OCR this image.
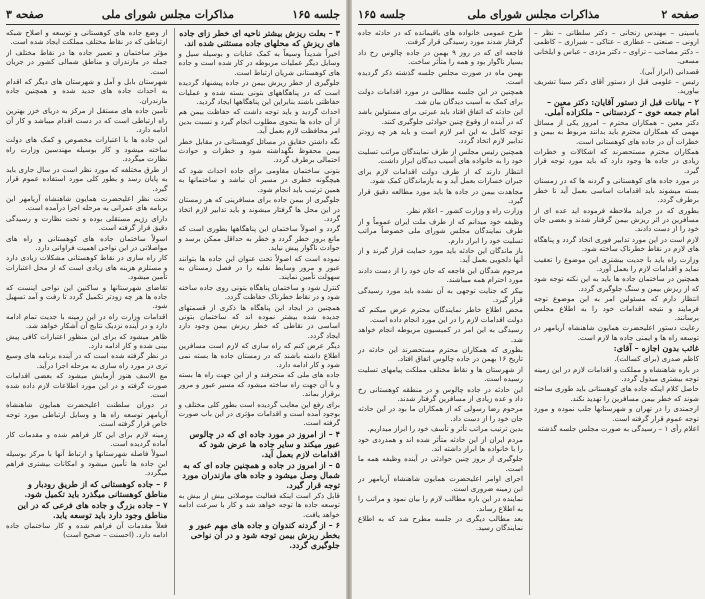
جلسه ۱۶۵
مذاکرات مجلس شورای ملی
صفحه ۳

۳ – بعلت ریزش بیشتر ناحیه ای خطر زای جاده های ریزش که محلهای جاده مستثنی شده اند.

اخیراً شدیداً وسیعاً به کمک عنایات و بوسیله سیل و وسایل دیگر عملیات مربوطه در کار شده است و جاده های کوهستانی شریان ارتباط است.

جلوگیری از خطر ریزش بیمن در جاده پیشنهاد گردیده است که در پناهگاههای بتونی بسته شده و عملیات حفاظتی باشند بنابراین این پناهگاهها ایجاد گردید.

احداث گردید و باید توجه داشت که حفاظت بیمن هم از آن جاده ها بنحوی مطلوب انجام گیرد و نسبت بدین امر محافظت لازم بعمل آید.

نگه داشتن حقایق در مسائل کوهستانی در مقابل خطر بیمن محفوظ نگهداشته شود و خطرات و حوادث احتمالی برطرف گردد.

بتونی ساختمان مقاومی برای جاده احداث شود که هیچگونه خطری در مسیر آن نباشد و ساختمانها به همین ترتیب باید انجام شود.

جلوگیری از بیمن جاده برای مسافرینی که هر زمستان در این محل ها گرفتار میشوند و باید تدابیر لازم اتخاذ گردد.

گردد و اصولاً ساختمان این پناهگاهها بطوری است که مانع بروز خطر گردد و خطر به حداقل ممکن برسد و حوادث ناگوار پیش نیاید.

نموده است که اصولاً تحت عنوان این جاده ها بتوانند عبور و مرور وسایط نقلیه را در فصل زمستان به سهولت تأمین نمایند.

کنترل شود و ساختمان پناهگاه بتونی روی جاده ساخته شود و در نقاط خطرناک حفاظت گردد.

همچنین در ایجاد این پناهگاه ها ذکری از قسمتهای جدیده شده بیشتر نموده اند که ساختمان بتونی اساسی در نقاطی که خطر ریزش بیمن وجود دارد ایجاد گردد.

دیگر عرض کنم که راه سازی که لازم است مسافرین اطلاع داشته باشند که در زمستان جاده ها بسته نمی شود و کار ادامه دارد.

جاده های ملی که منحرفند و از این جهت راه ها بسته و با آن جهت راه ساخته میشود که مسیر عبور و مرور برقرار بماند.

برای رفع این معایب گردیده است بطور کلی مختلف و بوجود آمده است و اقدامات مؤثری در این باب صورت گرفته است.

۴ – از امروز در مورد جاده ای که در چالوس عبور میکند و سایر جاده ها عرض شود که اقدامات لازم بعمل آید.

۵ – از امروز در جاده و همچنین جاده ای که به شمال وصل میشود و جاده های مازندران مورد توجه قرار گیرد.

قابل ذکر است اینکه فعالیت موصلاتی بیش از بیش به توسعه جاده ها توجه خواهد شد و کار با سرعت ادامه خواهد یافت.

۶ – از گردنه کندوان و جاده های مهم عبور و بخطر ریزش بیمن توجه شود و در آن نواحی جلوگیری گردد.

از وضع جاده های کوهستانی و توسعه و اصلاح شبکه ارتباطی که در نقاط مختلف مملکت ایجاد شده است.

مؤثر ساختمان و تعمیر جاده ها در نقاط مختلف از جمله در مازندران و مناطق شمالی کشور در جریان است.

شهرستان بابل و آمل و شهرستان های دیگر که اقدام به احداث جاده های جدید شده و همچنین جاده مازندران.

تأمین جاده های مستقل از مرکز به دریای خزر بهترین راه ارتباطی است که در دست اقدام میباشد و کار آن ادامه دارد.

این جاده ها با اعتبارات مخصوص و کمک های دولت ساخته میشود و کار بوسیله مهندسین وزارت راه نظارت میگردد.

از طرق مختلفه که مورد نظر است در سال جاری باید به پایان رسد و بطور کلی مورد استفاده عموم قرار گیرد.

تحت نظر اعلیحضرت همایون شاهنشاه آریامهر این برنامه های عمرانی به مرحله اجرا درآمده است.

دارای رژیم مستقلی بوده و تحت نظارت و رسیدگی دقیق قرار گرفته است.

اسولاً ساختمان جاده های کوهستانی و راه های مواصلاتی در این نواحی اهمیت فراوانی دارد.

کار راه سازی در نقاط کوهستانی مشکلات زیادی دارد و مستلزم هزینه های زیادی است که از محل اعتبارات تأمین میشود.

تقاضای شهرستانها و ساکنین این نواحی اینست که جاده ها هر چه زودتر تکمیل گردد تا رفت و آمد تسهیل شود.

اقدامات وزارت راه در این زمینه با جدیت تمام ادامه دارد و در آینده نزدیک نتایج آن آشکار خواهد شد.

ظاهر میشود که برای این منظور اعتبارات کافی پیش بینی شده و کار ادامه دارد.

در نظر گرفته شده است که در آینده برنامه های وسیع تری در مورد راه سازی به مرحله اجرا درآید.

مع الاسف هنوز آزمایش میشود که بعضی اقدامات صورت گرفته و در این مورد اطلاعات لازم داده شده است.

در دوران سلطنت اعلیحضرت همایون شاهنشاه آریامهر توسعه راه ها و وسایل ارتباطی مورد توجه خاص قرار گرفته است.

زمینه لازم برای این کار فراهم شده و مقدمات کار آماده گردیده است.

اسولاً فاصله شهرستانها و ارتباط آنها با مرکز بوسیله این جاده ها تأمین میشود و امکانات بیشتری فراهم میگردد.

۶ – جاده کوهستانی که از طریق رودبار و مناطق کوهستانی میگذرد باید تکمیل شود.

۷ – جاده بزرگ و جاده های فرعی که در این مناطق وجود دارد باید توسعه یابد.

فعلاً مقدمات آن فراهم شده و کار ساختمان جاده ادامه دارد. (احسنت – صحیح است)

صفحه ۲
مذاکرات مجلس شورای ملی
جلسه ۱۶۵

یاسینی – مهندس زنجانی – دکتر سلطانی – نظر – ارونی – صنعتی – عطاری – عتاکی – شیرازی – کاظمی – دکتر مصاحب – تراوی – دکتر مژدی – عباس و ایلخانی مسعی.

قصدانی (ابراز آبی).

رئیس – علومی قبل از دستور آقای دکتر سینا تشریف بیاورید.

۲ – بیانات قبل از دستور آقایان: دکتر معین – امام جمعه خوی – کردستانی – ملکزاده آملی.

دکتر معین – همکاران محترم – امروز یکی از مسائل مهمی که همکاران محترم باید بدانند مربوط به بیمن و خطرات آن در جاده های کوهستانی است.

همکاران محترم مستحضرند که اشکالات و خطرات زیادی در جاده ها وجود دارد که باید مورد توجه قرار گیرد.

در مورد جاده های کوهستانی و گردنه ها که در زمستان بسته میشوند باید اقدامات اساسی بعمل آید تا خطر برطرف گردد.

بطوری که در جراید ملاحظه فرموده اید عده ای از مسافرین در اثر ریزش بیمن گرفتار شدند و بعضی جان خود را از دست دادند.

لازم است در این مورد تدابیر فوری اتخاذ گردد و پناهگاه های لازم در نقاط خطرناک ساخته شود.

وزارت راه باید با جدیت بیشتری این موضوع را تعقیب نماید و اقدامات لازم را بعمل آورد.

همچنین در ساختمان جاده ها باید به این نکته توجه شود که از ریزش بیمن و سنگ جلوگیری گردد.

انتظار دارم که مسئولین امر به این موضوع توجه فرمایند و نتیجه اقدامات خود را به اطلاع مجلس برسانند.

رعایت دستور اعلیحضرت همایون شاهنشاه آریامهر در توسعه راه ها و ایمنی جاده ها لازم است.

غائب بدون اجازه – آقای:

کاظم صدری (برای کسالت).

در باره شاهنشاه و مملکت و اقدامات لازم در این زمینه توجه بیشتری مبذول گردد.

حاصل کلام اینکه جاده های کوهستانی باید طوری ساخته شوند که خطر بیمن مسافرین را تهدید نکند.

ارجمندی را در تهران و شهرستانها جلب نموده و مورد توجه عموم قرار گرفته است.

اعلام رأی ۱ – رسیدگی به صورت مجلس جلسه گذشته

طرح عمومی خانواده های باقیمانده که در حادثه جاده گرفتار شدند مورد رسیدگی قرار گرفت.

فاجعه ای که در روز ۹ بهمن در جاده چالوس رخ داد بسیار ناگوار بود و همه را متأثر ساخت.

بهمن ماه در صورت مجلس جلسه گذشته ذکر گردیده است.

همچنین در این جلسه مطالبی در مورد اقدامات دولت برای کمک به آسیب دیدگان بیان شد.

این حادثه که اتفاق افتاد باید عبرتی برای مسئولین باشد که در آینده از وقوع چنین حوادثی جلوگیری کنند.

توجه کامل به این امر لازم است و باید هر چه زودتر تدابیر لازم اتخاذ گردد.

همچنین رئیس مجلس از طرف نمایندگان مراتب تسلیت خود را به خانواده های آسیب دیدگان ابراز داشت.

انتظار دارند که از طرف دولت اقدامات لازم برای جبران خسارات بعمل آید و به بازماندگان کمک شود.

مجاهدت بیمن در جاده ها باید مورد مطالعه دقیق قرار گیرد.

وزارت راه و وزارت کشور – اعلام نظر.

وظیفه خود میدانم که از طرف ملت ایران عموماً و از طرف نمایندگان مجلس شورای ملی خصوصاً مراتب تسلیت خود را ابراز دارم.

باز ماندگان این حادثه باید مورد حمایت قرار گیرند و از آنها دلجویی بعمل آید.

مرحوم شدگان این فاجعه که جان خود را از دست دادند مورد احترام همه میباشند.

بیکر که جنایت توجهی به آن نشده باید مورد رسیدگی قرار گیرد.

محض اطلاع خاطر نمایندگان محترم عرض میکنم که دولت اقدامات لازم را در این مورد انجام داده است.

رسیدگی به این امر در کمیسیون مربوطه انجام خواهد شد.

بطوری که همکاران محترم مستحضرند این حادثه در تاریخ ۱۶ بهمن در جاده چالوس اتفاق افتاد.

از شهرستان ها و نقاط مختلف مملکت پیامهای تسلیت رسیده است.

این حادثه در جاده چالوس و در منطقه کوهستانی رخ داد و عده زیادی از مسافرین گرفتار شدند.

مرحوم رضا رسولی که از همکاران ما بود در این حادثه جان خود را از دست داد.

بدین ترتیب مراتب تأثر و تأسف خود را ابراز میداریم.

مردم ایران از این حادثه متأثر شده اند و همدردی خود را با خانواده ها ابراز داشته اند.

جلوگیری از بروز چنین حوادثی در آینده وظیفه همه ما است.

اجرای اوامر اعلیحضرت همایون شاهنشاه آریامهر در این زمینه ضروری است.

نماینده در این باره مطالب لازم را بیان نمود و مراتب را به اطلاع رساند.

بعد مطالب دیگری در جلسه مطرح شد که به اطلاع نمایندگان رسید.
